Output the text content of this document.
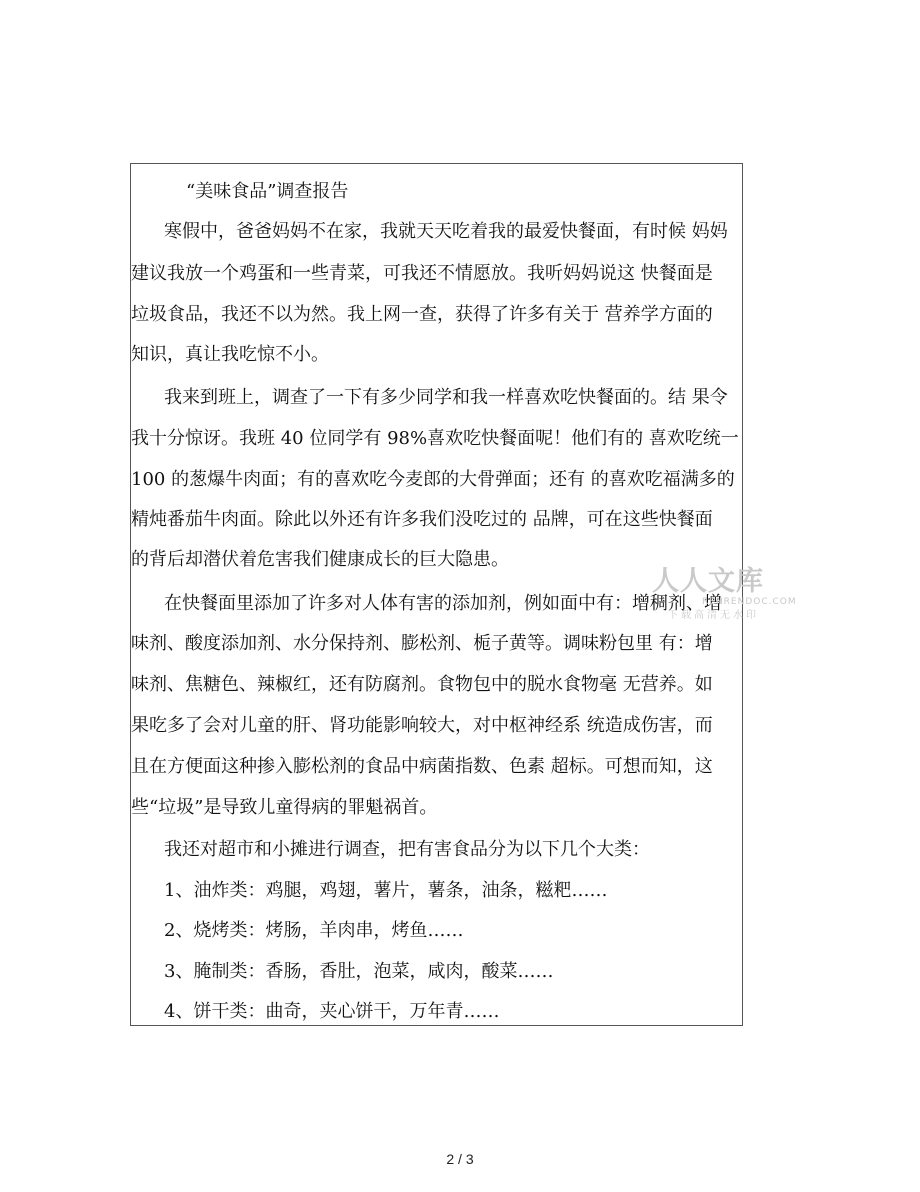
“美味食品”调查报告
寒假中，爸爸妈妈不在家，我就天天吃着我的最爱快餐面，有时候 妈妈
建议我放一个鸡蛋和一些青菜，可我还不情愿放。我听妈妈说这 快餐面是
垃圾食品，我还不以为然。我上网一查，获得了许多有关于 营养学方面的
知识，真让我吃惊不小。
我来到班上，调查了一下有多少同学和我一样喜欢吃快餐面的。结 果令
我十分惊讶。我班 40 位同学有 98%喜欢吃快餐面呢！他们有的 喜欢吃统一
100 的葱爆牛肉面；有的喜欢吃今麦郎的大骨弹面；还有 的喜欢吃福满多的
精炖番茄牛肉面。除此以外还有许多我们没吃过的 品牌，可在这些快餐面
的背后却潜伏着危害我们健康成长的巨大隐患。
在快餐面里添加了许多对人体有害的添加剂，例如面中有：增稠剂、增
味剂、酸度添加剂、水分保持剂、膨松剂、栀子黄等。调味粉包里 有：增
味剂、焦糖色、辣椒红，还有防腐剂。食物包中的脱水食物毫 无营养。如
果吃多了会对儿童的肝、肾功能影响较大，对中枢神经系 统造成伤害，而
且在方便面这种掺入膨松剂的食品中病菌指数、色素 超标。可想而知，这
些“垃圾”是导致儿童得病的罪魁祸首。
我还对超市和小摊进行调查，把有害食品分为以下几个大类：
1、油炸类：鸡腿，鸡翅，薯片，薯条，油条，糍粑……
2、烧烤类：烤肠，羊肉串，烤鱼……
3、腌制类：香肠，香肚，泡菜，咸肉，酸菜……
4、饼干类：曲奇，夹心饼干，万年青……
人人文库
RENRENDOC.COM
下载高清无水印
2 / 3
